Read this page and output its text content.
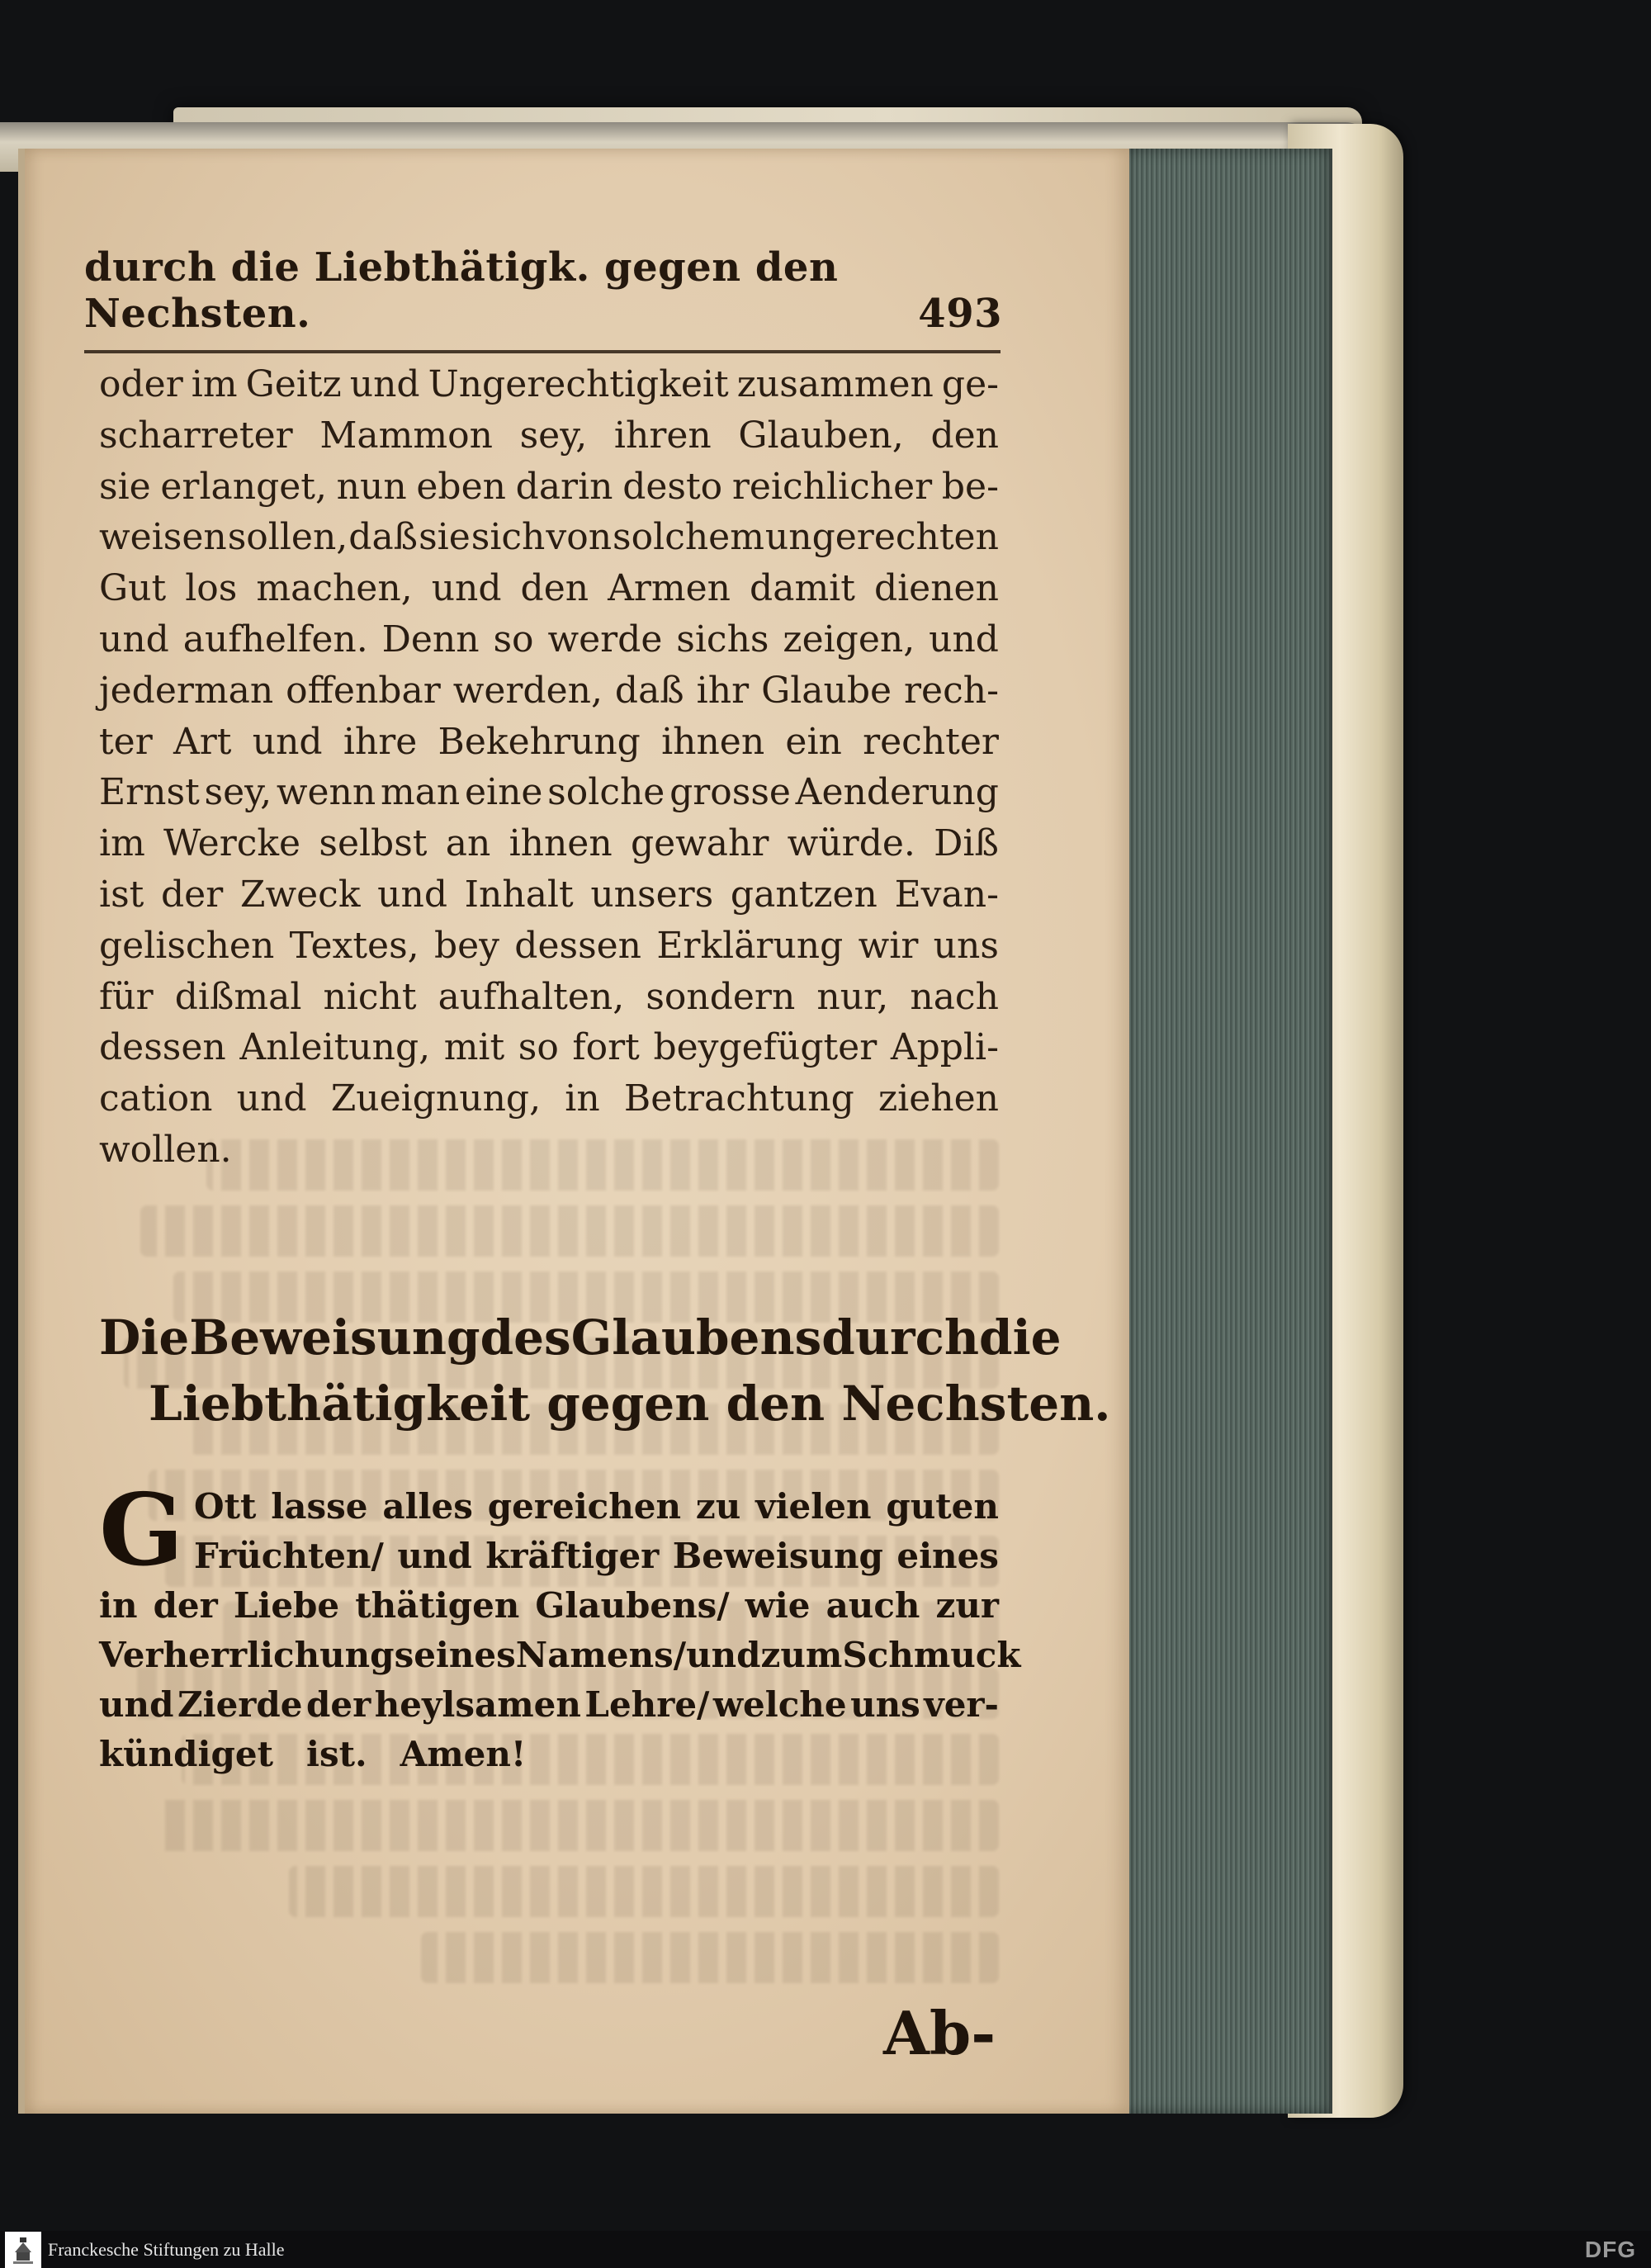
durch die Liebthätigk. gegen den Nechsten.	493
oder im Geitz und Ungerechtigkeit zusammen ge-
scharreter Mammon sey, ihren Glauben, den
sie erlanget, nun eben darin desto reichlicher be-
weisen sollen, daß sie sich von solchem ungerechten
Gut los machen, und den Armen damit dienen
und aufhelfen. Denn so werde sichs zeigen, und
jederman offenbar werden, daß ihr Glaube rech-
ter Art und ihre Bekehrung ihnen ein rechter
Ernst sey, wenn man eine solche grosse Aenderung
im Wercke selbst an ihnen gewahr würde. Diß
ist der Zweck und Inhalt unsers gantzen Evan-
gelischen Textes, bey dessen Erklärung wir uns
für dißmal nicht aufhalten, sondern nur, nach
dessen Anleitung, mit so fort beygefügter Appli-
cation und Zueignung, in Betrachtung ziehen
wollen.
Die Beweisung des Glaubens durch die
Liebthätigkeit gegen den Nechsten.
G Ott lasse alles gereichen zu vielen guten
Früchten/ und kräftiger Beweisung eines
in der Liebe thätigen Glaubens/ wie auch zur
Verherrlichung seines Namens/ und zum Schmuck
und Zierde der heylsamen Lehre/ welche uns ver-
kündiget ist. Amen!
Ab-
Franckesche Stiftungen zu Halle	DFG
